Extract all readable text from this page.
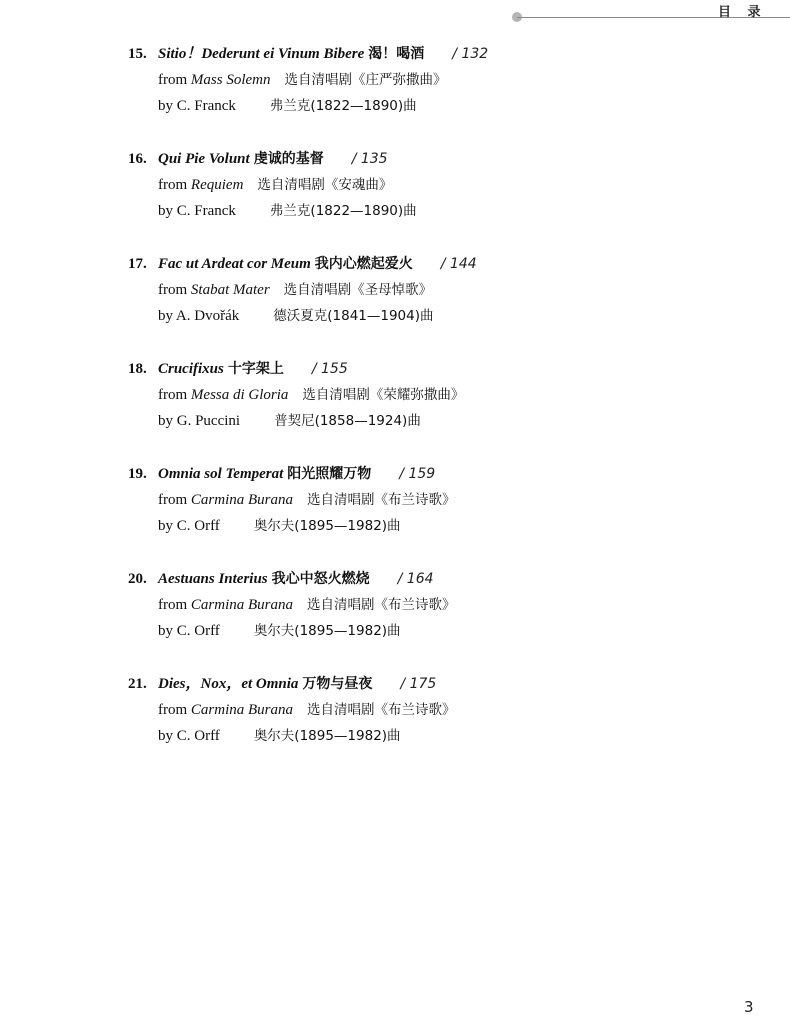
目 录
15. Sitio！Dederunt ei Vinum Bibere 渴！喝酒 / 132
from Mass Solemn 选自清唱剧《庄严弥撒曲》
by C. Franck	弗兰克(1822—1890)曲
16. Qui Pie Volunt 虔诚的基督 / 135
from Requiem 选自清唱剧《安魂曲》
by C. Franck	弗兰克(1822—1890)曲
17. Fac ut Ardeat cor Meum 我内心燃起爱火 / 144
from Stabat Mater 选自清唱剧《圣母悼歌》
by A. Dvořák	德沃夏克(1841—1904)曲
18. Crucifixus 十字架上 / 155
from Messa di Gloria 选自清唱剧《荣耀弥撒曲》
by G. Puccini	普契尼(1858—1924)曲
19. Omnia sol Temperat 阳光照耀万物 / 159
from Carmina Burana 选自清唱剧《布兰诗歌》
by C. Orff	奥尔夫(1895—1982)曲
20. Aestuans Interius 我心中怒火燃烧 / 164
from Carmina Burana 选自清唱剧《布兰诗歌》
by C. Orff	奥尔夫(1895—1982)曲
21. Dies，Nox，et Omnia 万物与昼夜 / 175
from Carmina Burana 选自清唱剧《布兰诗歌》
by C. Orff	奥尔夫(1895—1982)曲
3
